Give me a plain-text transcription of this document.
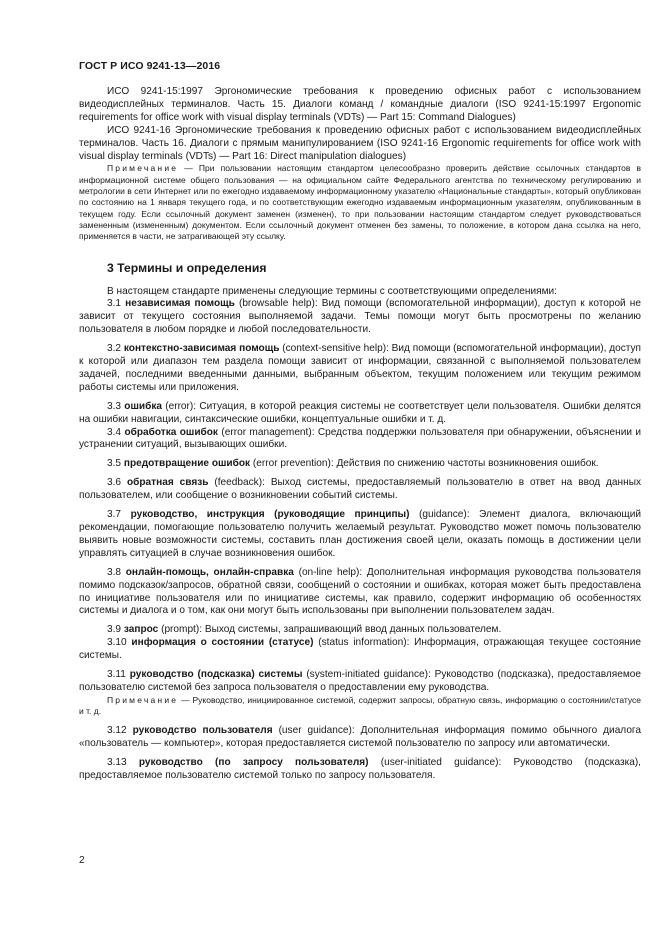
ГОСТ Р ИСО 9241-13—2016

ИСО 9241-15:1997 Эргономические требования к проведению офисных работ с использованием видеодисплейных терминалов. Часть 15. Диалоги команд / командные диалоги (ISO 9241-15:1997 Ergonomic requirements for office work with visual display terminals (VDTs) — Part 15: Command Dialogues)

ИСО 9241-16 Эргономические требования к проведению офисных работ с использованием видеодисплейных терминалов. Часть 16. Диалоги с прямым манипулированием (ISO 9241-16 Ergonomic requirements for office work with visual display terminals (VDTs) — Part 16: Direct manipulation dialogues)

Примечание — При пользовании настоящим стандартом целесообразно проверить действие ссылочных стандартов в информационной системе общего пользования — на официальном сайте Федерального агентства по техническому регулированию и метрологии в сети Интернет или по ежегодно издаваемому информационному указателю «Национальные стандарты», который опубликован по состоянию на 1 января текущего года, и по соответствующим ежегодно издаваемым информационным указателям, опубликованным в текущем году. Если ссылочный документ заменен (изменен), то при пользовании настоящим стандартом следует руководствоваться замененным (измененным) документом. Если ссылочный документ отменен без замены, то положение, в котором дана ссылка на него, применяется в части, не затрагивающей эту ссылку.

3 Термины и определения

В настоящем стандарте применены следующие термины с соответствующими определениями:

3.1 независимая помощь (browsable help): Вид помощи (вспомогательной информации), доступ к которой не зависит от текущего состояния выполняемой задачи. Темы помощи могут быть просмотрены по желанию пользователя в любом порядке и любой последовательности.

3.2 контекстно-зависимая помощь (context-sensitive help): Вид помощи (вспомогательной информации), доступ к которой или диапазон тем раздела помощи зависит от информации, связанной с выполняемой пользователем задачей, последними введенными данными, выбранным объектом, текущим положением или текущим режимом работы системы или приложения.

3.3 ошибка (error): Ситуация, в которой реакция системы не соответствует цели пользователя. Ошибки делятся на ошибки навигации, синтаксические ошибки, концептуальные ошибки и т. д.

3.4 обработка ошибок (error management): Средства поддержки пользователя при обнаружении, объяснении и устранении ситуаций, вызывающих ошибки.

3.5 предотвращение ошибок (error prevention): Действия по снижению частоты возникновения ошибок.

3.6 обратная связь (feedback): Выход системы, предоставляемый пользователю в ответ на ввод данных пользователем, или сообщение о возникновении событий системы.

3.7 руководство, инструкция (руководящие принципы) (guidance): Элемент диалога, включающий рекомендации, помогающие пользователю получить желаемый результат. Руководство может помочь пользователю выявить новые возможности системы, составить план достижения своей цели, оказать помощь в достижении цели управлять ситуацией в случае возникновения ошибок.

3.8 онлайн-помощь, онлайн-справка (on-line help): Дополнительная информация руководства пользователя помимо подсказок/запросов, обратной связи, сообщений о состоянии и ошибках, которая может быть предоставлена по инициативе пользователя или по инициативе системы, как правило, содержит информацию об особенностях системы и диалога и о том, как они могут быть использованы при выполнении пользователем задач.

3.9 запрос (prompt): Выход системы, запрашивающий ввод данных пользователем.

3.10 информация о состоянии (статусе) (status information): Информация, отражающая текущее состояние системы.

3.11 руководство (подсказка) системы (system-initiated guidance): Руководство (подсказка), предоставляемое пользователю системой без запроса пользователя о предоставлении ему руководства.

Примечание — Руководство, инициированное системой, содержит запросы, обратную связь, информацию о состоянии/статусе и т. д.

3.12 руководство пользователя (user guidance): Дополнительная информация помимо обычного диалога «пользователь — компьютер», которая предоставляется системой пользователю по запросу или автоматически.

3.13 руководство (по запросу пользователя) (user-initiated guidance): Руководство (подсказка), предоставляемое пользователю системой только по запросу пользователя.

2
